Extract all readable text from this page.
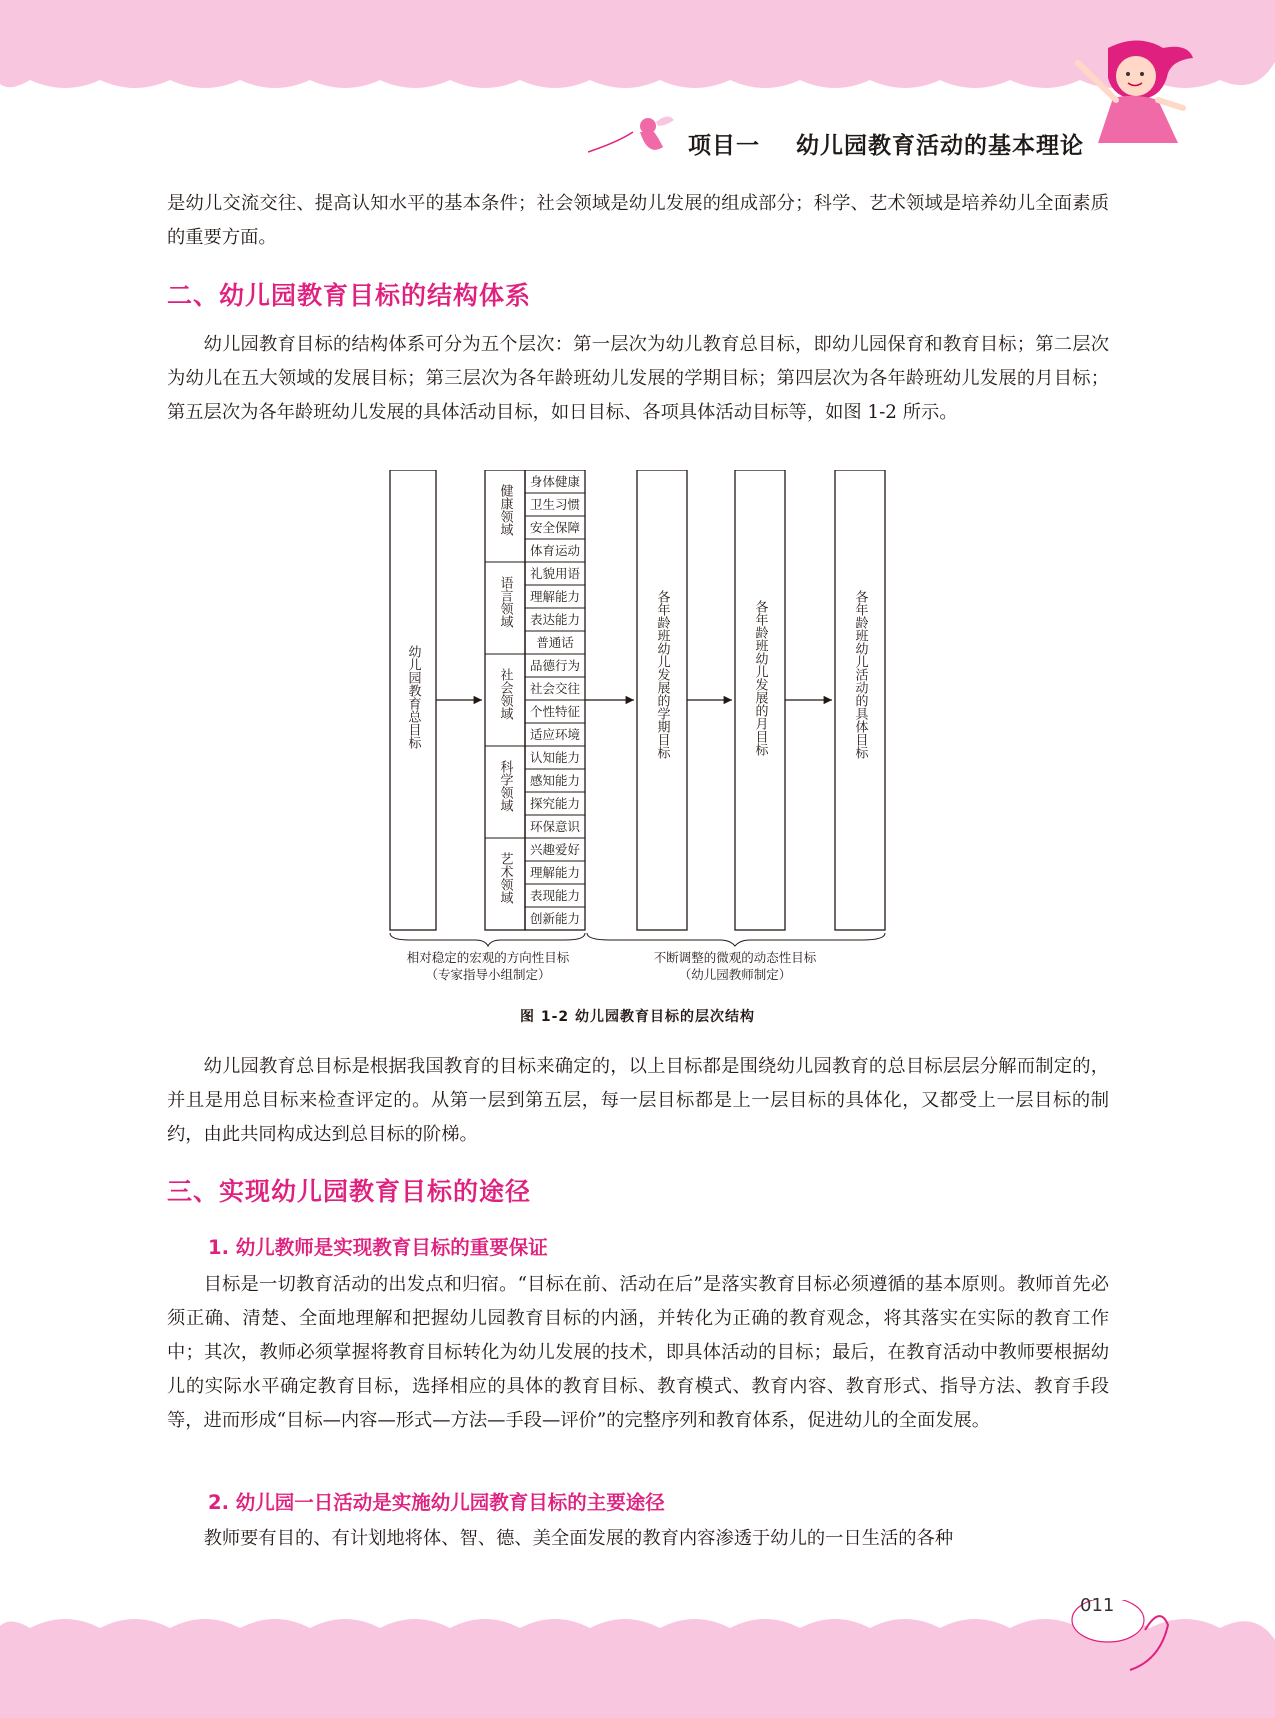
项目一    幼儿园教育活动的基本理论

是幼儿交流交往、提高认知水平的基本条件；社会领域是幼儿发展的组成部分；科学、艺术领域是培养幼儿全面素质的重要方面。

二、幼儿园教育目标的结构体系

幼儿园教育目标的结构体系可分为五个层次：第一层次为幼儿教育总目标，即幼儿园保育和教育目标；第二层次为幼儿在五大领域的发展目标；第三层次为各年龄班幼儿发展的学期目标；第四层次为各年龄班幼儿发展的月目标；第五层次为各年龄班幼儿发展的具体活动目标，如日目标、各项具体活动目标等，如图 1-2 所示。

幼儿园教育总目标
健康领域
语言领域
社会领域
科学领域
艺术领域
身体健康
卫生习惯
安全保障
体育运动
礼貌用语
理解能力
表达能力
普通话
品德行为
社会交往
个性特征
适应环境
认知能力
感知能力
探究能力
环保意识
兴趣爱好
理解能力
表现能力
创新能力
各年龄班幼儿发展的学期目标	各年龄班幼儿发展的月目标	各年龄班幼儿活动的具体目标
相对稳定的宏观的方向性目标
（专家指导小组制定）
不断调整的微观的动态性目标
（幼儿园教师制定）
图 1-2 幼儿园教育目标的层次结构

幼儿园教育总目标是根据我国教育的目标来确定的，以上目标都是围绕幼儿园教育的总目标层层分解而制定的，并且是用总目标来检查评定的。从第一层到第五层，每一层目标都是上一层目标的具体化，又都受上一层目标的制约，由此共同构成达到总目标的阶梯。

三、实现幼儿园教育目标的途径
1. 幼儿教师是实现教育目标的重要保证

目标是一切教育活动的出发点和归宿。“目标在前、活动在后”是落实教育目标必须遵循的基本原则。教师首先必须正确、清楚、全面地理解和把握幼儿园教育目标的内涵，并转化为正确的教育观念，将其落实在实际的教育工作中；其次，教师必须掌握将教育目标转化为幼儿发展的技术，即具体活动的目标；最后，在教育活动中教师要根据幼儿的实际水平确定教育目标，选择相应的具体的教育目标、教育模式、教育内容、教育形式、指导方法、教育手段等，进而形成“目标—内容—形式—方法—手段—评价”的完整序列和教育体系，促进幼儿的全面发展。

2. 幼儿园一日活动是实施幼儿园教育目标的主要途径

教师要有目的、有计划地将体、智、德、美全面发展的教育内容渗透于幼儿的一日生活的各种

011
